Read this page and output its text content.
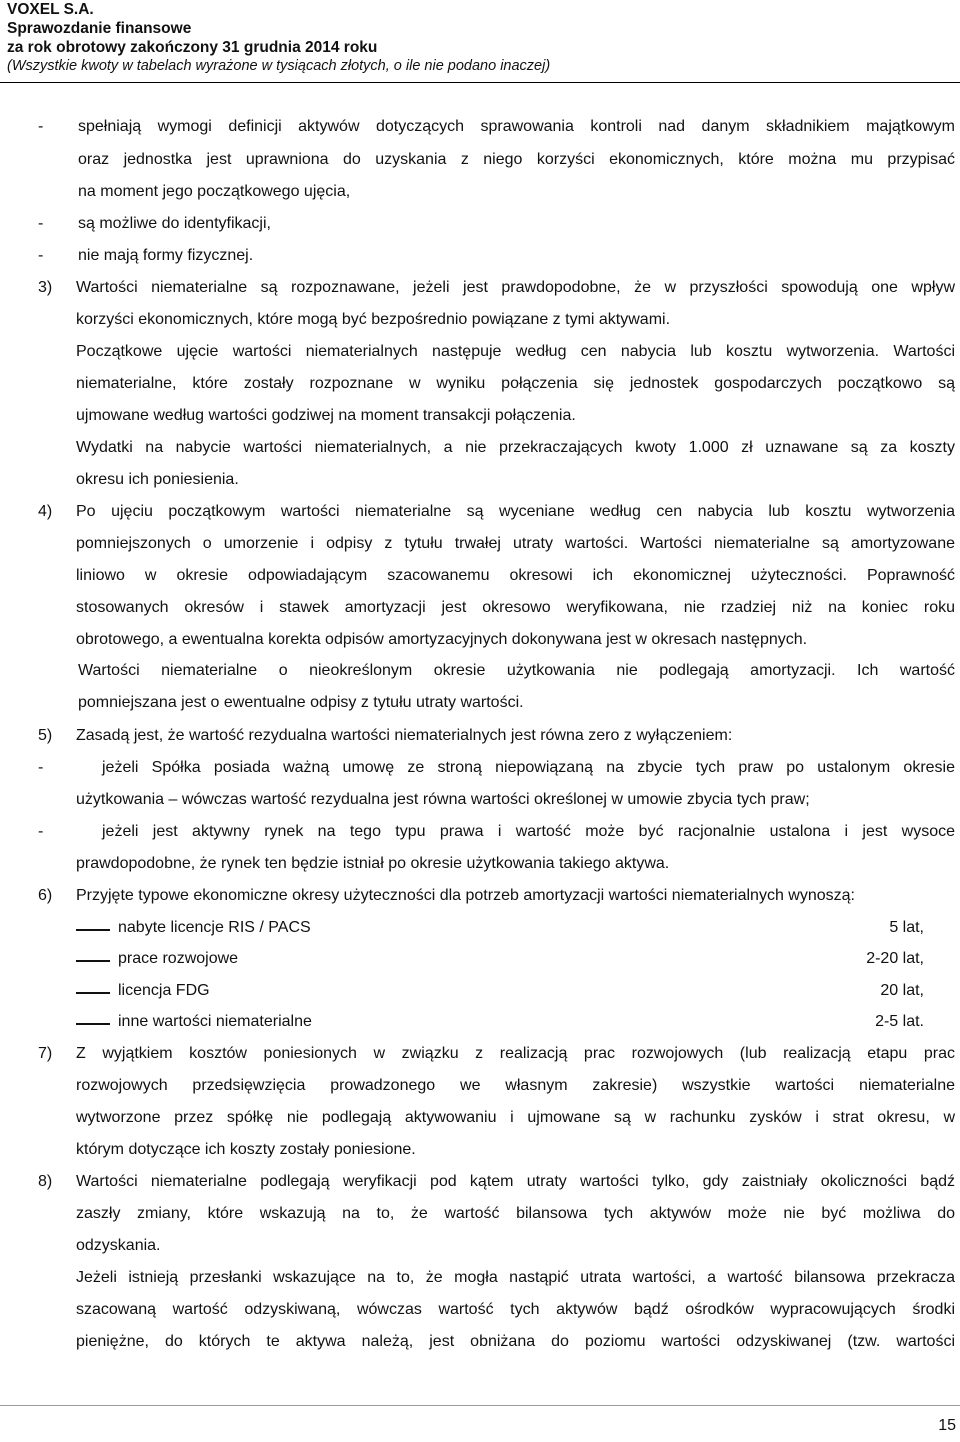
VOXEL S.A.
Sprawozdanie finansowe
za rok obrotowy zakończony 31 grudnia 2014 roku
(Wszystkie kwoty w tabelach wyrażone w tysiącach złotych, o ile nie podano inaczej)
- spełniają wymogi definicji aktywów dotyczących sprawowania kontroli nad danym składnikiem majątkowym
oraz jednostka jest uprawniona do uzyskania z niego korzyści ekonomicznych, które można mu przypisać
na moment jego początkowego ujęcia,
- są możliwe do identyfikacji,
- nie mają formy fizycznej.
3) Wartości niematerialne są rozpoznawane, jeżeli jest prawdopodobne, że w przyszłości spowodują one wpływ
korzyści ekonomicznych, które mogą być bezpośrednio powiązane z tymi aktywami.
Początkowe ujęcie wartości niematerialnych następuje według cen nabycia lub kosztu wytworzenia. Wartości
niematerialne, które zostały rozpoznane w wyniku połączenia się jednostek gospodarczych początkowo są
ujmowane według wartości godziwej na moment transakcji połączenia.
Wydatki na nabycie wartości niematerialnych, a nie przekraczających kwoty 1.000 zł uznawane są za koszty
okresu ich poniesienia.
4) Po ujęciu początkowym wartości niematerialne są wyceniane według cen nabycia lub kosztu wytworzenia
pomniejszonych o umorzenie i odpisy z tytułu trwałej utraty wartości. Wartości niematerialne są amortyzowane
liniowo w okresie odpowiadającym szacowanemu okresowi ich ekonomicznej użyteczności. Poprawność
stosowanych okresów i stawek amortyzacji jest okresowo weryfikowana, nie rzadziej niż na koniec roku
obrotowego, a ewentualna korekta odpisów amortyzacyjnych dokonywana jest w okresach następnych.
Wartości niematerialne o nieokreślonym okresie użytkowania nie podlegają amortyzacji. Ich wartość
pomniejszana jest o ewentualne odpisy z tytułu utraty wartości.
5) Zasadą jest, że wartość rezydualna wartości niematerialnych jest równa zero z wyłączeniem:
-	jeżeli Spółka posiada ważną umowę ze stroną niepowiązaną na zbycie tych praw po ustalonym okresie
użytkowania – wówczas wartość rezydualna jest równa wartości określonej w umowie zbycia tych praw;
-	jeżeli jest aktywny rynek na tego typu prawa i wartość może być racjonalnie ustalona i jest wysoce
prawdopodobne, że rynek ten będzie istniał po okresie użytkowania takiego aktywa.
6) Przyjęte typowe ekonomiczne okresy użyteczności dla potrzeb amortyzacji wartości niematerialnych wynoszą:
nabyte licencje RIS / PACS	5 lat,
prace rozwojowe	2-20 lat,
licencja FDG	20 lat,
inne wartości niematerialne	2-5 lat.
7) Z wyjątkiem kosztów poniesionych w związku z realizacją prac rozwojowych (lub realizacją etapu prac
rozwojowych przedsięwzięcia prowadzonego we własnym zakresie) wszystkie wartości niematerialne
wytworzone przez spółkę nie podlegają aktywowaniu i ujmowane są w rachunku zysków i strat okresu, w
którym dotyczące ich koszty zostały poniesione.
8) Wartości niematerialne podlegają weryfikacji pod kątem utraty wartości tylko, gdy zaistniały okoliczności bądź
zaszły zmiany, które wskazują na to, że wartość bilansowa tych aktywów może nie być możliwa do
odzyskania.
Jeżeli istnieją przesłanki wskazujące na to, że mogła nastąpić utrata wartości, a wartość bilansowa przekracza
szacowaną wartość odzyskiwaną, wówczas wartość tych aktywów bądź ośrodków wypracowujących środki
pieniężne, do których te aktywa należą, jest obniżana do poziomu wartości odzyskiwanej (tzw. wartości
15
